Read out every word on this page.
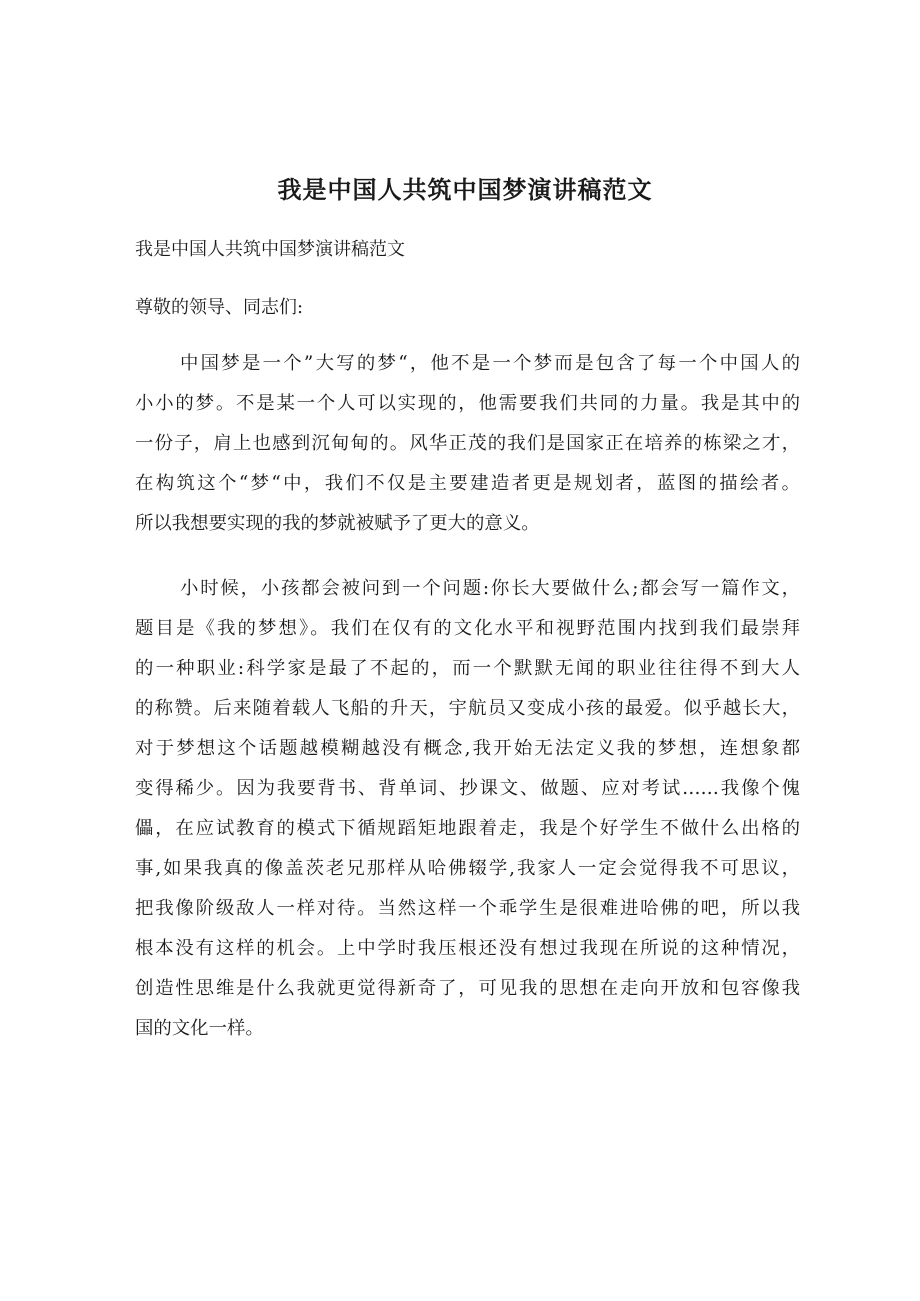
我是中国人共筑中国梦演讲稿范文

我是中国人共筑中国梦演讲稿范文

尊敬的领导、同志们:

中国梦是一个”大写的梦“，他不是一个梦而是包含了每一个中国人的
小小的梦。不是某一个人可以实现的，他需要我们共同的力量。我是其中的
一份子，肩上也感到沉甸甸的。风华正茂的我们是国家正在培养的栋梁之才，
在构筑这个“梦“中，我们不仅是主要建造者更是规划者，蓝图的描绘者。
所以我想要实现的我的梦就被赋予了更大的意义。
小时候，小孩都会被问到一个问题:你长大要做什么;都会写一篇作文，
题目是《我的梦想》。我们在仅有的文化水平和视野范围内找到我们最崇拜
的一种职业:科学家是最了不起的，而一个默默无闻的职业往往得不到大人
的称赞。后来随着载人飞船的升天，宇航员又变成小孩的最爱。似乎越长大，
对于梦想这个话题越模糊越没有概念,我开始无法定义我的梦想，连想象都
变得稀少。因为我要背书、背单词、抄课文、做题、应对考试……我像个傀
儡，在应试教育的模式下循规蹈矩地跟着走，我是个好学生不做什么出格的
事,如果我真的像盖茨老兄那样从哈佛辍学,我家人一定会觉得我不可思议，
把我像阶级敌人一样对待。当然这样一个乖学生是很难进哈佛的吧，所以我
根本没有这样的机会。上中学时我压根还没有想过我现在所说的这种情况，
创造性思维是什么我就更觉得新奇了，可见我的思想在走向开放和包容像我
国的文化一样。
